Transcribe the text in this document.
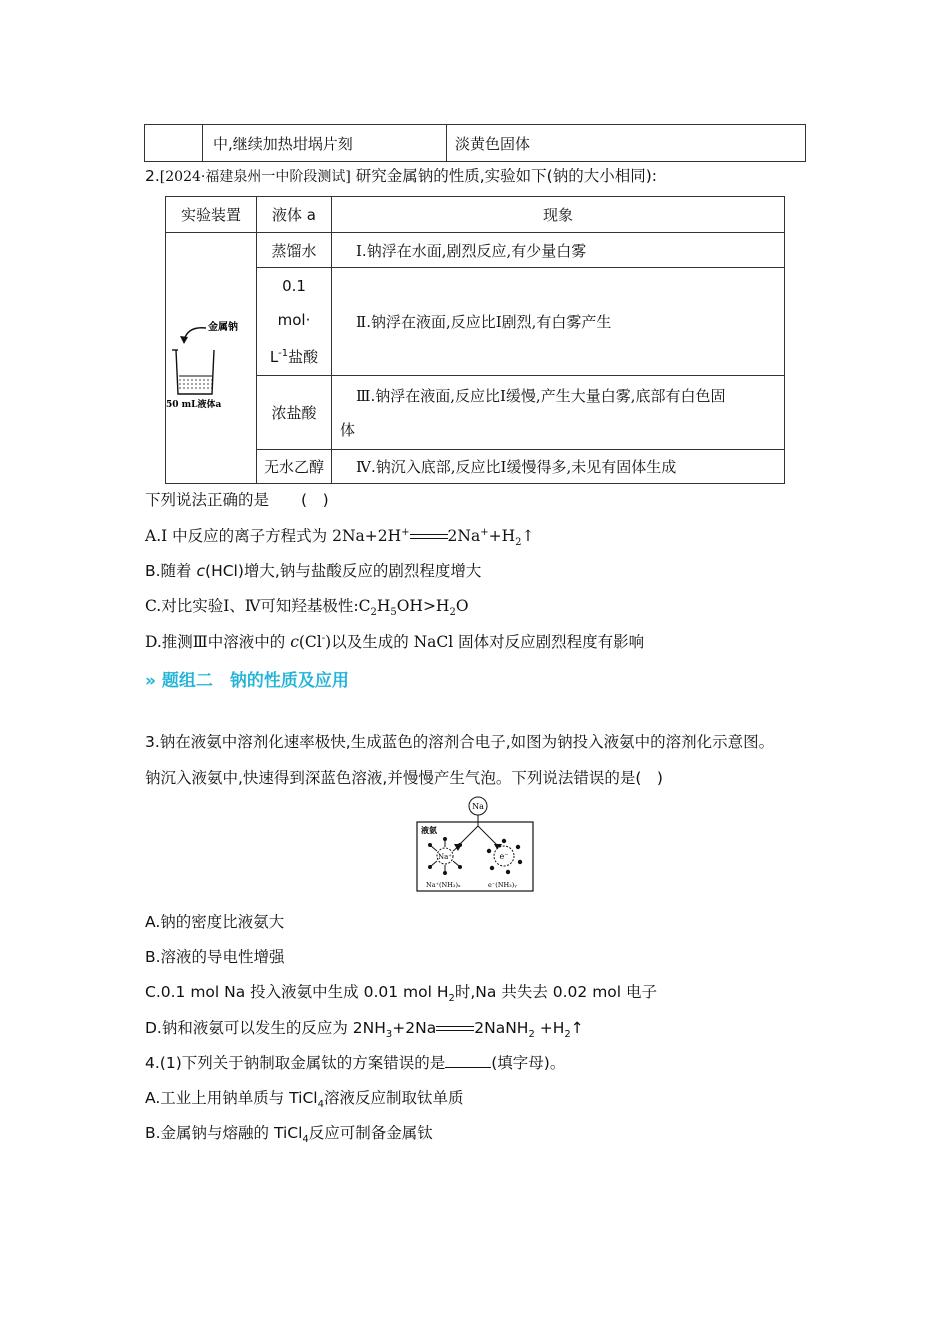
	中,继续加热坩埚片刻	淡黄色固体
2.[2024·福建泉州一中阶段测试] 研究金属钠的性质,实验如下(钠的大小相同):
实验装置	液体 a	现象

金属钠
50 mL液体a	蒸馏水	Ⅰ.钠浮在水面,剧烈反应,有少量白雾

	0.1
mol·
$L^{-1}$盐酸	Ⅱ.钠浮在液面,反应比Ⅰ剧烈,有白雾产生
	浓盐酸	Ⅲ.钠浮在液面,反应比Ⅰ缓慢,产生大量白雾,底部有白色固
体

	无水乙醇	Ⅳ.钠沉入底部,反应比Ⅰ缓慢得多,未见有固体生成
下列说法正确的是 (　)
A.Ⅰ 中反应的离子方程式为 2Na+2H+ $2Na^++H_2↑$
B.随着 c(HCl)增大,钠与盐酸反应的剧烈程度增大
C.对比实验Ⅰ、Ⅳ可知羟基极性$:C_2H_5OH>H_2O$
D.推测Ⅲ中溶液中的 c(Cl-)以及生成的 NaCl 固体对反应剧烈程度有影响
» 题组二　钠的性质及应用
3.钠在液氨中溶剂化速率极快,生成蓝色的溶剂合电子,如图为钠投入液氨中的溶剂化示意图。
钠沉入液氨中,快速得到深蓝色溶液,并慢慢产生气泡。下列说法错误的是(　)
Na
液氨
Na⁺	e⁻
Na⁺(NH₃)ₓ	e⁻(NH₃)ᵧ
A.钠的密度比液氨大
B.溶液的导电性增强
C.0.1 mol Na 投入液氨中生成 0.01 mol $H_2$时,Na 共失去 0.02 mol 电子
D.钠和液氨可以发生的反应为 $2NH_3+2Na$ 2NaNH$_2$ $+H_2↑$
4.(1)下列关于钠制取金属钛的方案错误的是	(填字母)。
A.工业上用钠单质与 TiCl$_4$溶液反应制取钛单质
B.金属钠与熔融的 TiCl$_4$反应可制备金属钛
